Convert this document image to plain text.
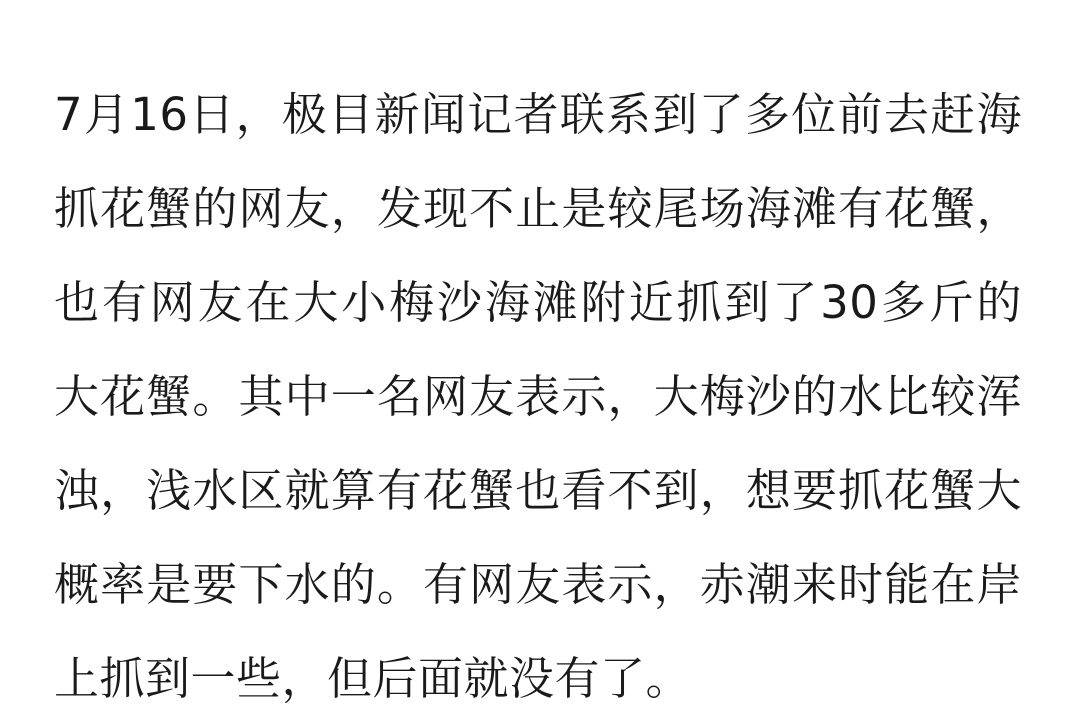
7月16日，极目新闻记者联系到了多位前去赶海抓花蟹的网友，发现不止是较尾场海滩有花蟹，也有网友在大小梅沙海滩附近抓到了30多斤的大花蟹。其中一名网友表示，大梅沙的水比较浑浊，浅水区就算有花蟹也看不到，想要抓花蟹大概率是要下水的。有网友表示，赤潮来时能在岸上抓到一些，但后面就没有了。
